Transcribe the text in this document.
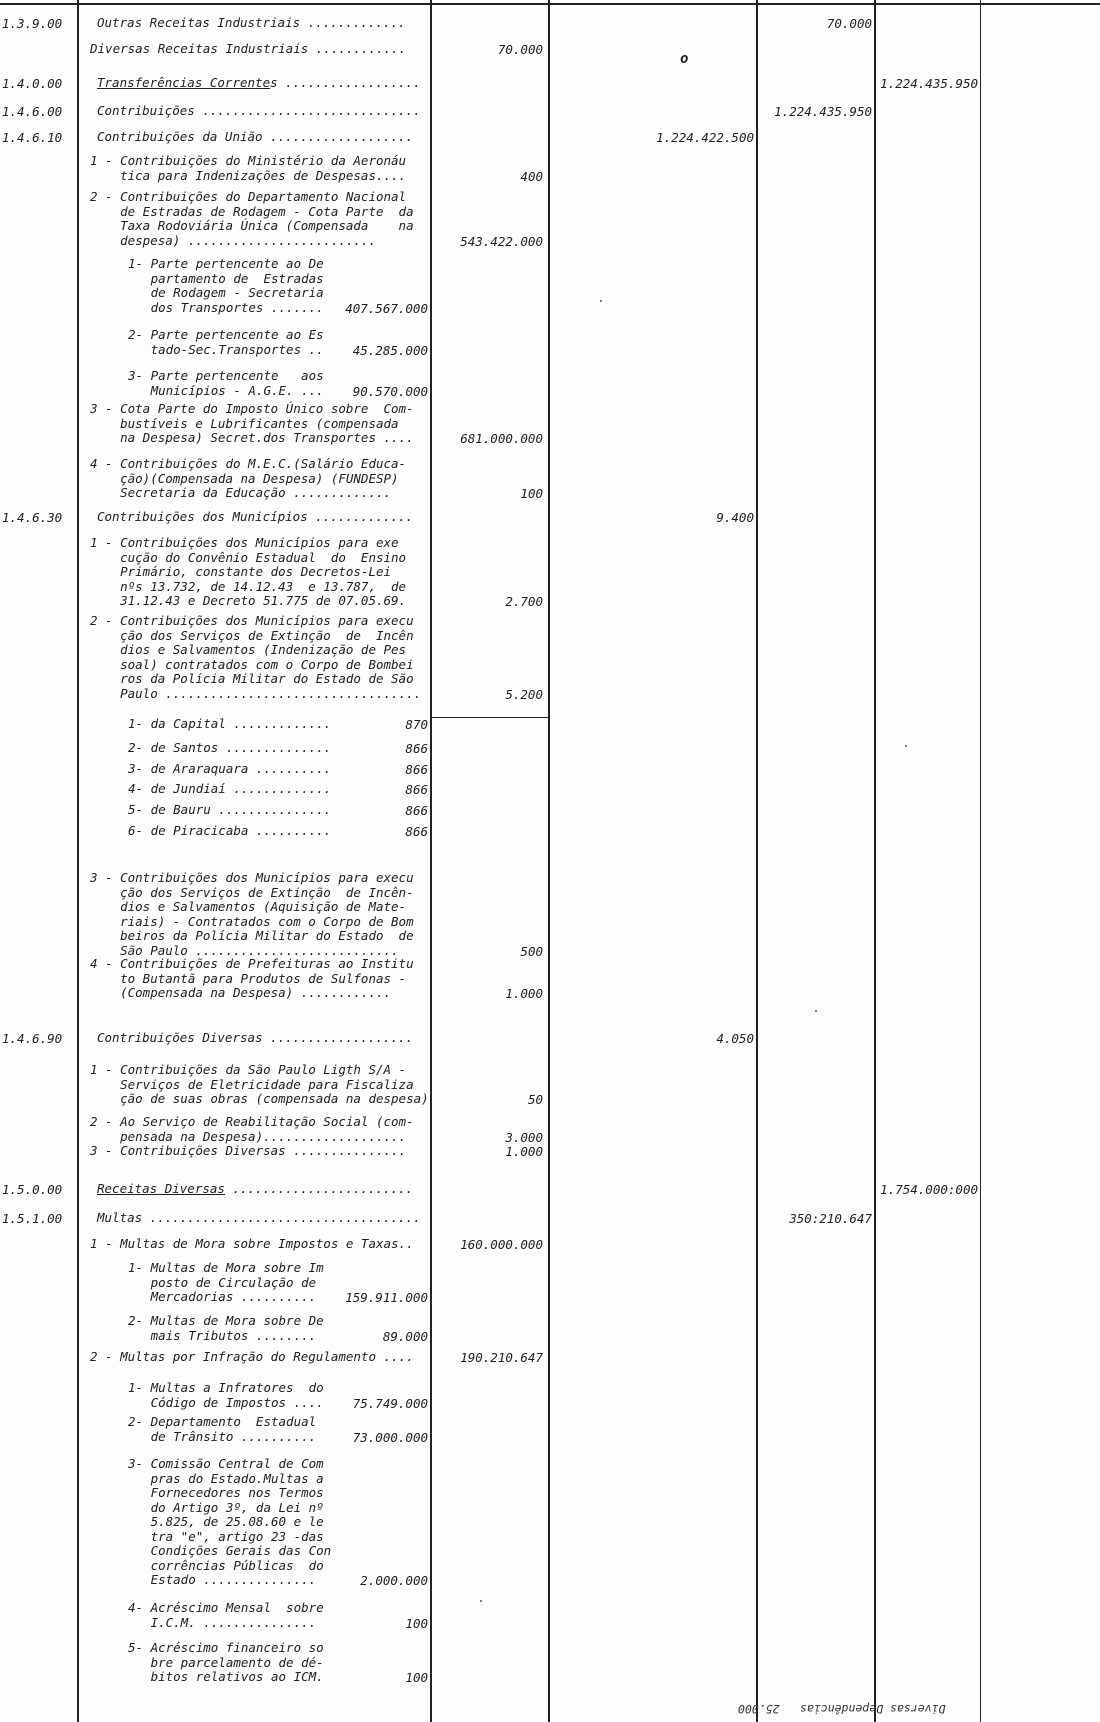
1.3.9.00	Outras Receitas Industriais .............	70.000
Diversas Receitas Industriais ............	70.000
1.4.0.00	Transferências Correntes ..................	1.224.435.950
1.4.6.00	Contribuições .............................	1.224.435.950
1.4.6.10	Contribuições da União ...................	1.224.422.500
1 - Contribuições do Ministério da Aeronáu
tica para Indenizações de Despesas....	400
2 - Contribuições do Departamento Nacional
de Estradas de Rodagem - Cota Parte  da
Taxa Rodoviária Única (Compensada    na
despesa) .........................	543.422.000
1- Parte pertencente ao De
partamento de  Estradas
de Rodagem - Secretaria
dos Transportes ....... 407.567.000
2- Parte pertencente ao Es
tado-Sec.Transportes .. 45.285.000
3- Parte pertencente   aos
Municípios - A.G.E. ... 90.570.000
3 - Cota Parte do Imposto Único sobre  Com-
bustíveis e Lubrificantes (compensada
na Despesa) Secret.dos Transportes ....	681.000.000
4 - Contribuições do M.E.C.(Salário Educa-
ção)(Compensada na Despesa) (FUNDESP)
Secretaria da Educação .............	100
1.4.6.30	Contribuições dos Municípios .............	9.400
1 - Contribuições dos Municípios para exe
cução do Convênio Estadual  do  Ensino
Primário, constante dos Decretos-Lei
nºs 13.732, de 14.12.43  e 13.787,  de
31.12.43 e Decreto 51.775 de 07.05.69.	2.700
2 - Contribuições dos Municípios para execu
ção dos Serviços de Extinção  de  Incên
dios e Salvamentos (Indenização de Pes
soal) contratados com o Corpo de Bombei
ros da Polícia Militar do Estado de São
Paulo ..................................	5.200
1- da Capital .............	870
2- de Santos ..............	866
3- de Araraquara ..........	866
4- de Jundiaí .............	866
5- de Bauru ...............	866
6- de Piracicaba ..........	866
3 - Contribuições dos Municípios para execu
ção dos Serviços de Extinção  de Incên-
dios e Salvamentos (Aquisição de Mate-
riais) - Contratados com o Corpo de Bom
beiros da Polícia Militar do Estado  de
São Paulo ...........................	500
4 - Contribuições de Prefeituras ao Institu
to Butantã para Produtos de Sulfonas -
(Compensada na Despesa) ............	1.000
1.4.6.90	Contribuições Diversas ...................	4.050
1 - Contribuições da São Paulo Ligth S/A -
Serviços de Eletricidade para Fiscaliza
ção de suas obras (compensada na despesa)	50
2 - Ao Serviço de Reabilitação Social (com-
pensada na Despesa)...................	3.000
3 - Contribuições Diversas ...............	1.000
1.5.0.00	Receitas Diversas ........................	1.754.000:000
1.5.1.00	Multas ....................................	350:210.647
1 - Multas de Mora sobre Impostos e Taxas..	160.000.000
1- Multas de Mora sobre Im
posto de Circulação de
Mercadorias ..........	159.911.000
2- Multas de Mora sobre De
mais Tributos ........	89.000
2 - Multas por Infração do Regulamento ....	190.210.647
1- Multas a Infratores  do
Código de Impostos .... 75.749.000
2- Departamento  Estadual
de Trânsito ..........	73.000.000
3- Comissão Central de Com
pras do Estado.Multas a
Fornecedores nos Termos
do Artigo 3º, da Lei nº
5.825, de 25.08.60 e le
tra "e", artigo 23 -das
Condições Gerais das Con
corrências Públicas  do
Estado ...............	2.000.000
4- Acréscimo Mensal  sobre
I.C.M. ...............	100
5- Acréscimo financeiro so
bre parcelamento de dé-
bitos relativos ao ICM.	100
o
25.000 Diversas Dependências
